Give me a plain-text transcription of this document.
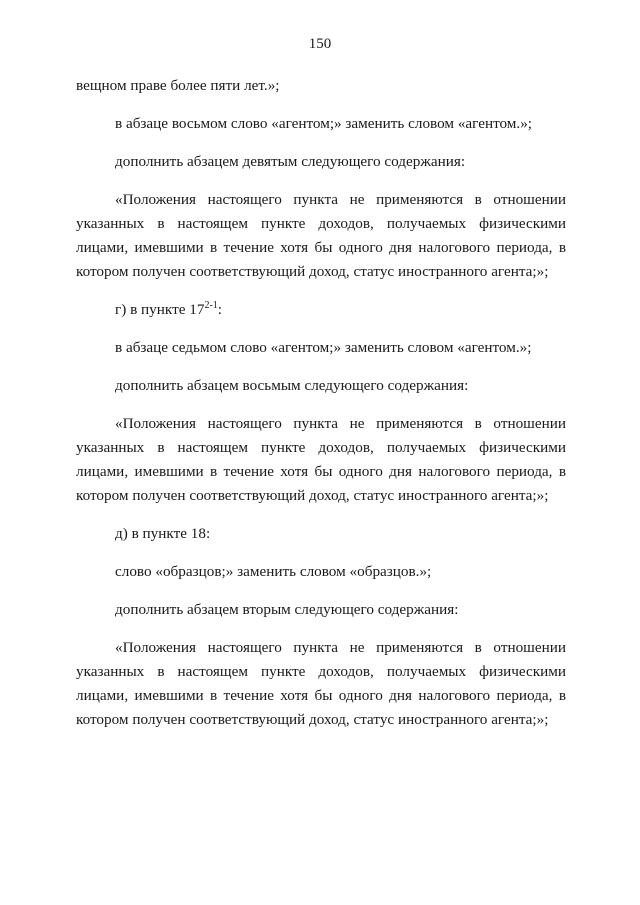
150

вещном праве более пяти лет.»;

в абзаце восьмом слово «агентом;» заменить словом «агентом.»;

дополнить абзацем девятым следующего содержания:

«Положения настоящего пункта не применяются в отношении указанных в настоящем пункте доходов, получаемых физическими лицами, имевшими в течение хотя бы одного дня налогового периода, в котором получен соответствующий доход, статус иностранного агента;»;

г) в пункте 17$^{2-1}$:

в абзаце седьмом слово «агентом;» заменить словом «агентом.»;

дополнить абзацем восьмым следующего содержания:

«Положения настоящего пункта не применяются в отношении указанных в настоящем пункте доходов, получаемых физическими лицами, имевшими в течение хотя бы одного дня налогового периода, в котором получен соответствующий доход, статус иностранного агента;»;

д) в пункте 18:

слово «образцов;» заменить словом «образцов.»;

дополнить абзацем вторым следующего содержания:

«Положения настоящего пункта не применяются в отношении указанных в настоящем пункте доходов, получаемых физическими лицами, имевшими в течение хотя бы одного дня налогового периода, в котором получен соответствующий доход, статус иностранного агента;»;
